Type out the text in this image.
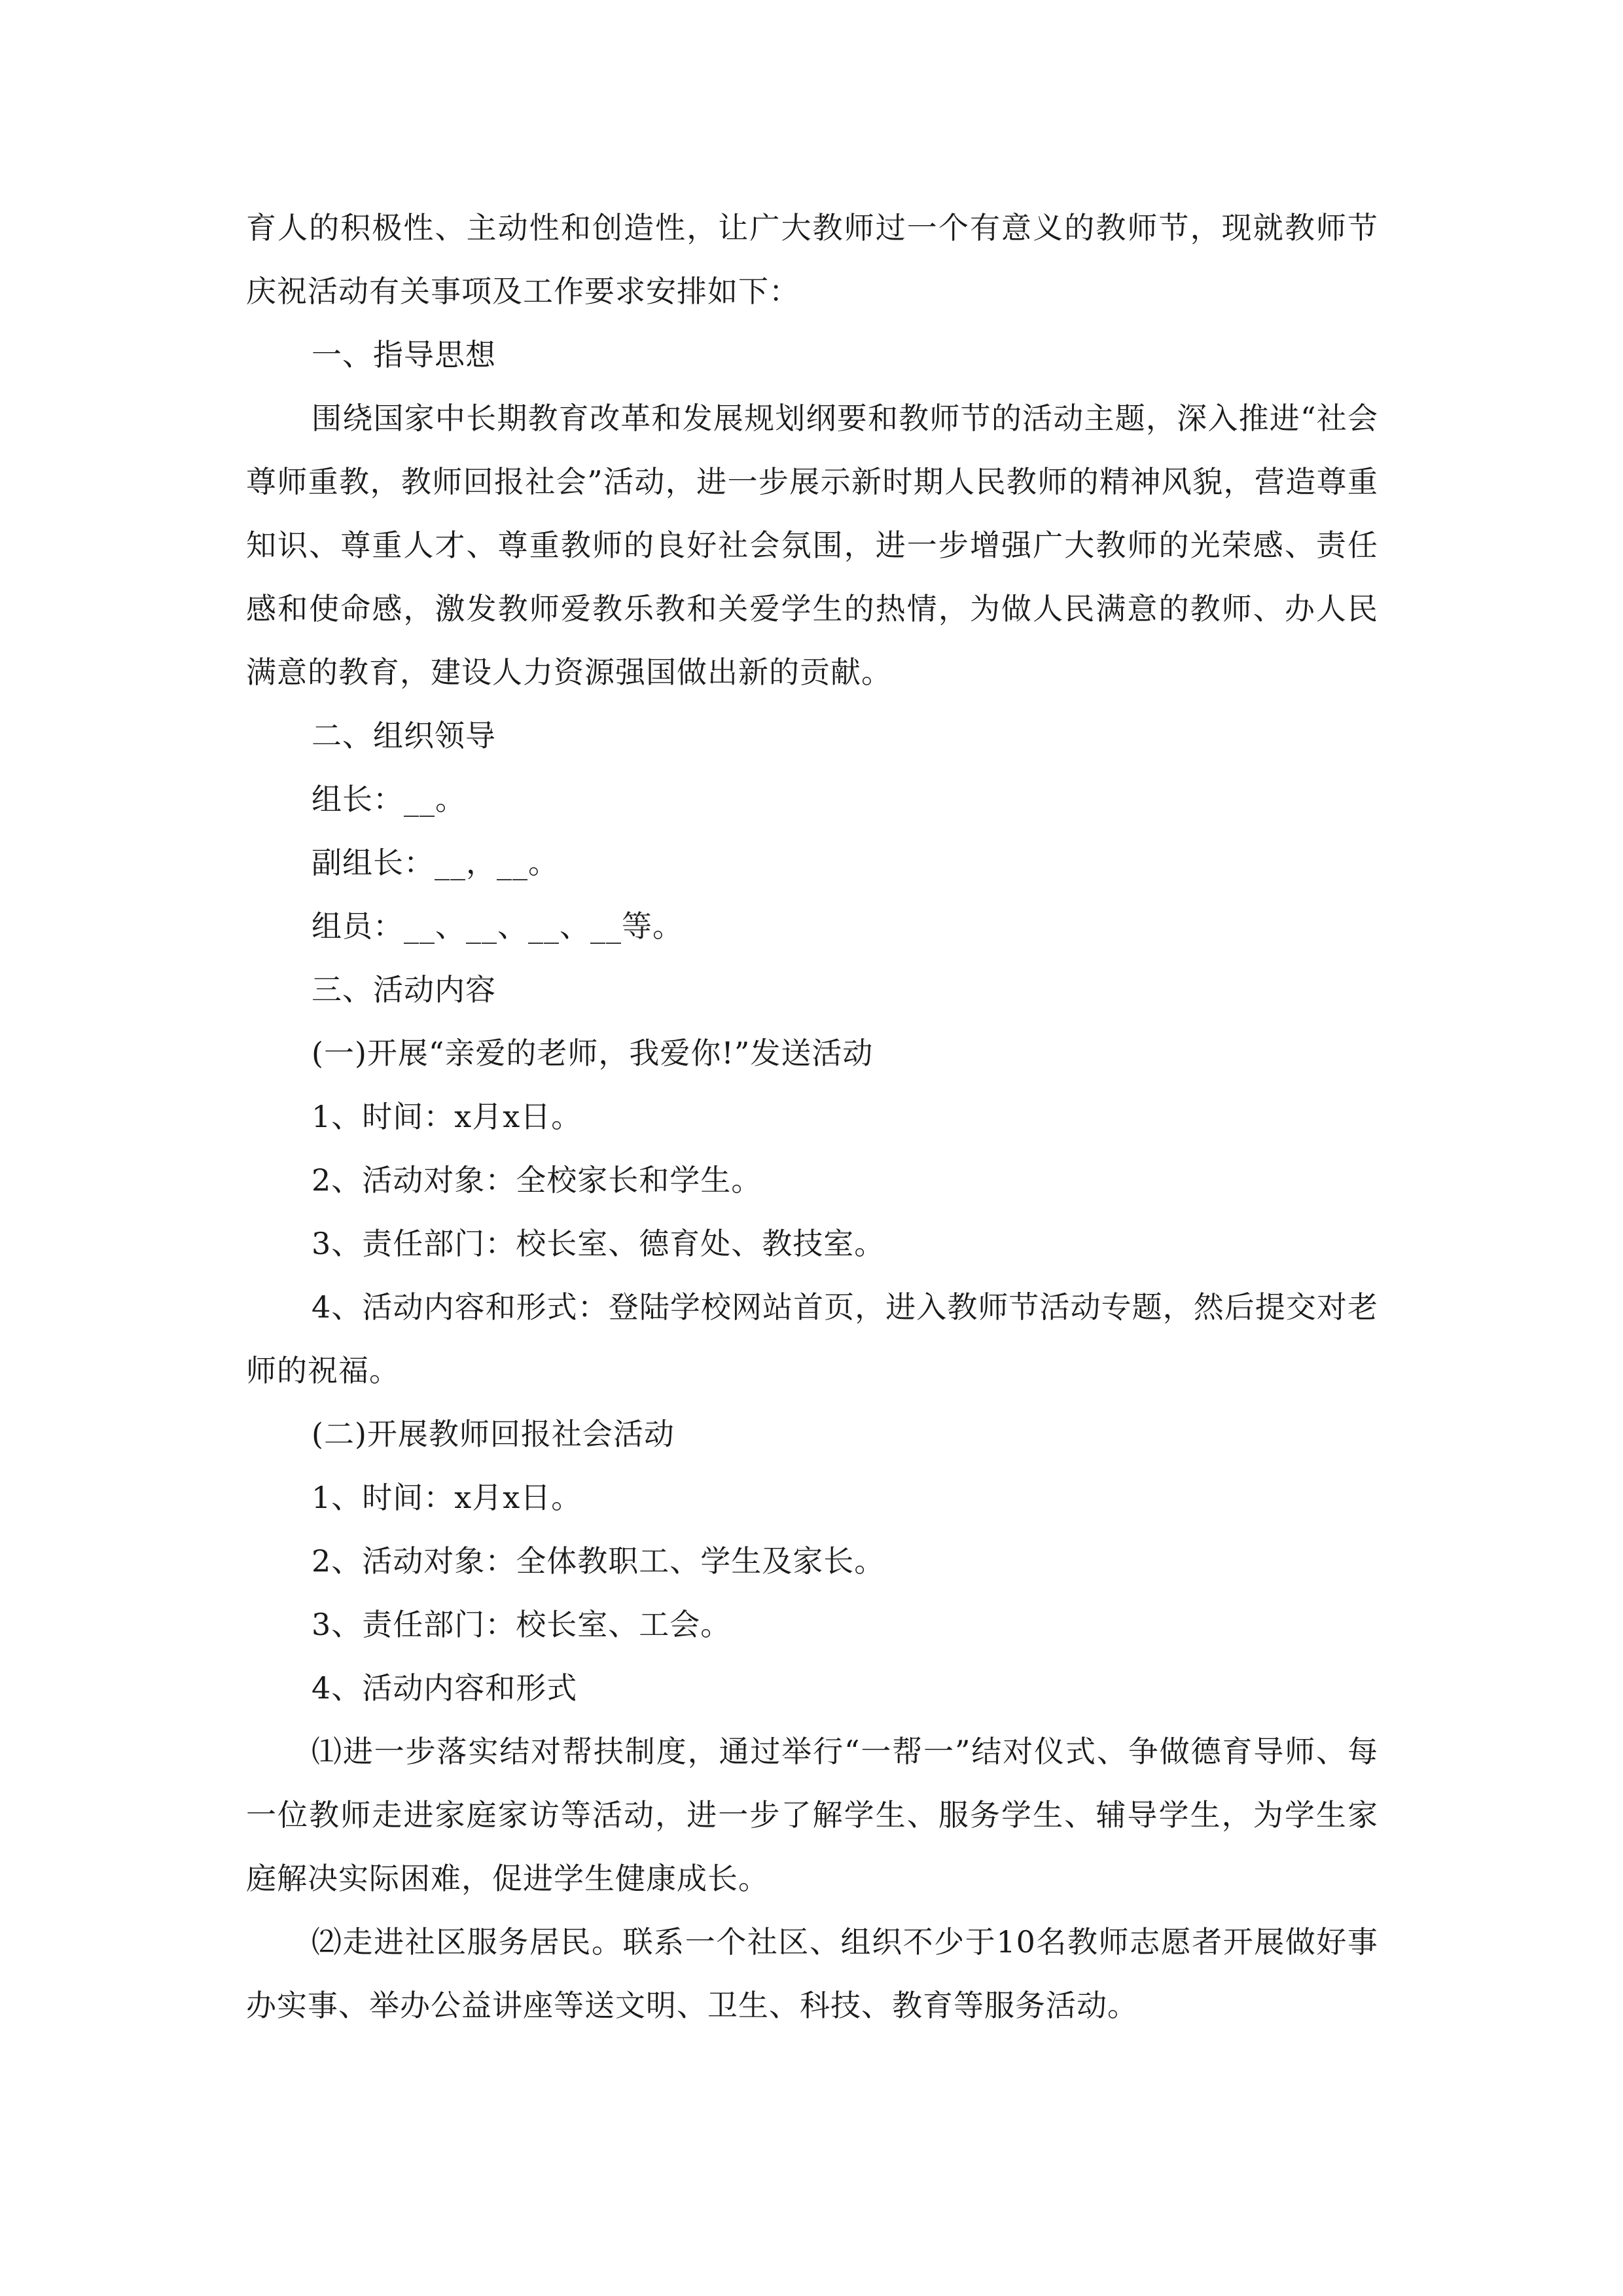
育人的积极性、主动性和创造性，让广大教师过一个有意义的教师节，现就教师节庆祝活动有关事项及工作要求安排如下：

一、指导思想

围绕国家中长期教育改革和发展规划纲要和教师节的活动主题，深入推进“社会尊师重教，教师回报社会”活动，进一步展示新时期人民教师的精神风貌，营造尊重知识、尊重人才、尊重教师的良好社会氛围，进一步增强广大教师的光荣感、责任感和使命感，激发教师爱教乐教和关爱学生的热情，为做人民满意的教师、办人民满意的教育，建设人力资源强国做出新的贡献。

二、组织领导

组长：__。

副组长：__，__。

组员：__、__、__、__等。

三、活动内容

(一)开展“亲爱的老师，我爱你!”发送活动

1、时间：x月x日。

2、活动对象：全校家长和学生。

3、责任部门：校长室、德育处、教技室。

4、活动内容和形式：登陆学校网站首页，进入教师节活动专题，然后提交对老师的祝福。

(二)开展教师回报社会活动

1、时间：x月x日。

2、活动对象：全体教职工、学生及家长。

3、责任部门：校长室、工会。

4、活动内容和形式

⑴进一步落实结对帮扶制度，通过举行“一帮一”结对仪式、争做德育导师、每一位教师走进家庭家访等活动，进一步了解学生、服务学生、辅导学生，为学生家庭解决实际困难，促进学生健康成长。

⑵走进社区服务居民。联系一个社区、组织不少于10名教师志愿者开展做好事办实事、举办公益讲座等送文明、卫生、科技、教育等服务活动。
